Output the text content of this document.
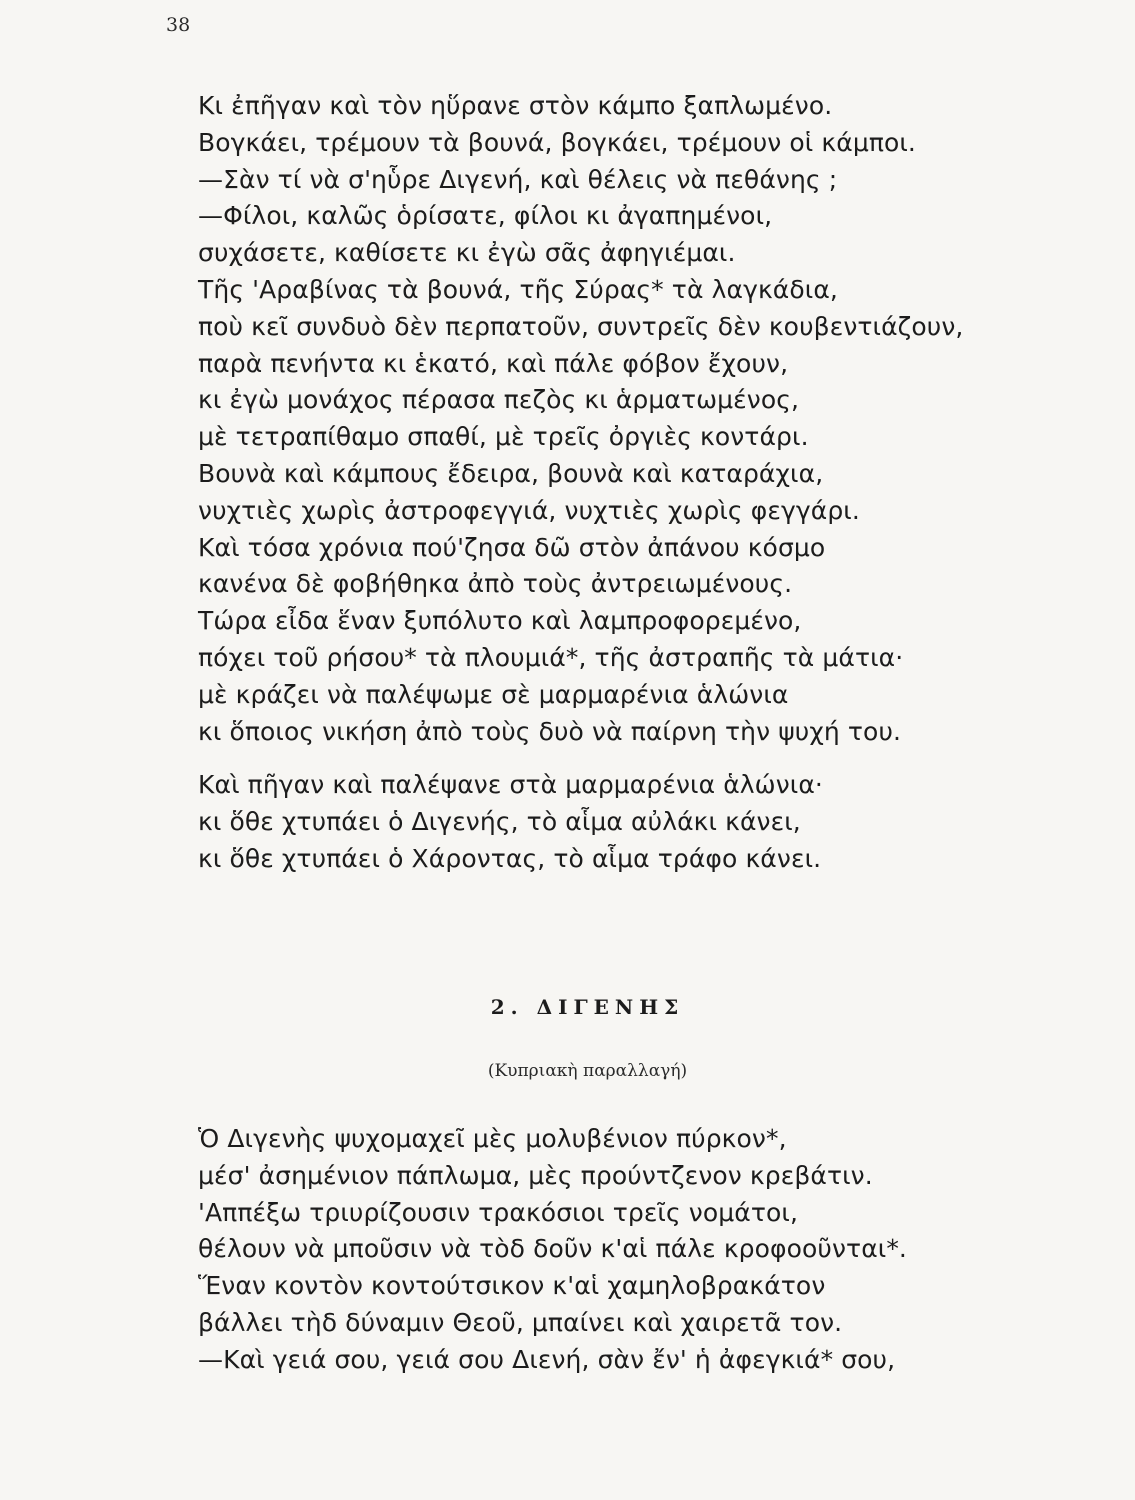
38
Κι ἐπῆγαν καὶ τὸν ηὕρανε στὸν κάμπο ξαπλωμένο.
Βογκάει, τρέμουν τὰ βουνά, βογκάει, τρέμουν οἱ κάμποι.
—Σὰν τί νὰ σ'ηὗρε Διγενή, καὶ θέλεις νὰ πεθάνης ;
—Φίλοι, καλῶς ὁρίσατε, φίλοι κι ἀγαπημένοι,
συχάσετε, καθίσετε κι ἐγὼ σᾶς ἀφηγιέμαι.
Τῆς 'Αραβίνας τὰ βουνά, τῆς Σύρας* τὰ λαγκάδια,
ποὺ κεῖ συνδυὸ δὲν περπατοῦν, συντρεῖς δὲν κουβεντιάζουν,
παρὰ πενήντα κι ἑκατό, καὶ πάλε φόβον ἔχουν,
κι ἐγὼ μονάχος πέρασα πεζὸς κι ἁρματωμένος,
μὲ τετραπίθαμο σπαθί, μὲ τρεῖς ὀργιὲς κοντάρι.
Βουνὰ καὶ κάμπους ἔδειρα, βουνὰ καὶ καταράχια,
νυχτιὲς χωρὶς ἀστροφεγγιά, νυχτιὲς χωρὶς φεγγάρι.
Καὶ τόσα χρόνια πού'ζησα δῶ στὸν ἀπάνου κόσμο
κανένα δὲ φοβήθηκα ἀπὸ τοὺς ἀντρειωμένους.
Τώρα εἶδα ἕναν ξυπόλυτο καὶ λαμπροφορεμένο,
πόχει τοῦ ρήσου* τὰ πλουμιά*, τῆς ἀστραπῆς τὰ μάτια·
μὲ κράζει νὰ παλέψωμε σὲ μαρμαρένια ἁλώνια
κι ὅποιος νικήση ἀπὸ τοὺς δυὸ νὰ παίρνη τὴν ψυχή του.
Καὶ πῆγαν καὶ παλέψανε στὰ μαρμαρένια ἁλώνια·
κι ὅθε χτυπάει ὁ Διγενής, τὸ αἷμα αὐλάκι κάνει,
κι ὅθε χτυπάει ὁ Χάροντας, τὸ αἷμα τράφο κάνει.
2. ΔΙΓΕΝΗΣ
(Κυπριακὴ παραλλαγή)
Ὁ Διγενὴς ψυχομαχεῖ μὲς μολυβένιον πύρκον*,
μέσ' ἀσημένιον πάπλωμα, μὲς προύντζενον κρεβάτιν.
'Αππέξω τριυρίζουσιν τρακόσιοι τρεῖς νομάτοι,
θέλουν νὰ μποῦσιν νὰ τὸδ δοῦν κ'αἱ πάλε κροφοοῦνται*.
Ἕναν κοντὸν κοντούτσικον κ'αἱ χαμηλοβρακάτον
βάλλει τὴδ δύναμιν Θεοῦ, μπαίνει καὶ χαιρετᾶ τον.
—Καὶ γειά σου, γειά σου Διενή, σὰν ἔν' ἡ ἀφεγκιά* σου,
